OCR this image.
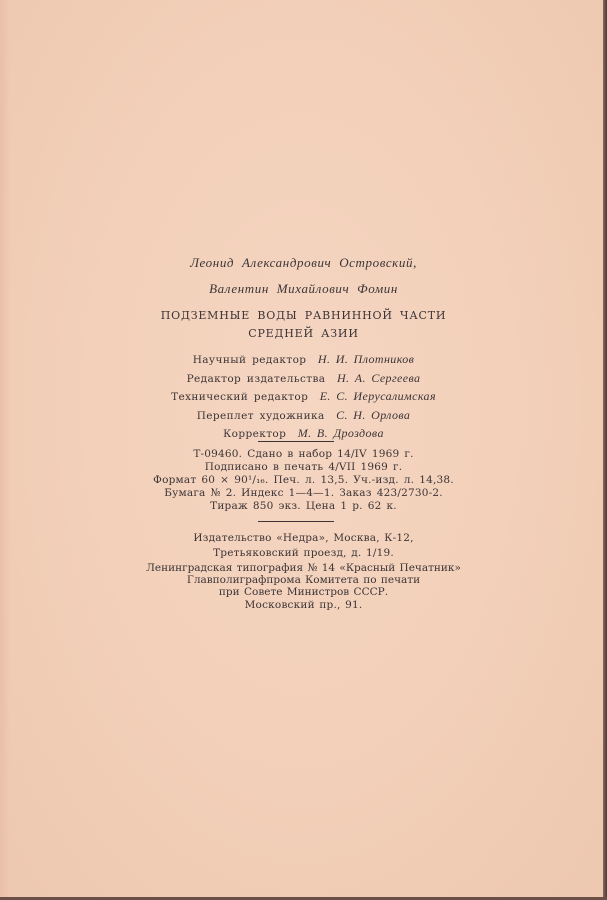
Леонид Александрович Островский,
Валентин Михайлович Фомин
ПОДЗЕМНЫЕ ВОДЫ РАВНИННОЙ ЧАСТИ
СРЕДНЕЙ АЗИИ
Научный редактор Н. И. Плотников
Редактор издательства Н. А. Сергеева
Технический редактор Е. С. Иерусалимская
Переплет художника С. Н. Орлова
Корректор М. В. Дроздова
Т-09460. Сдано в набор 14/IV 1969 г.
Подписано в печать 4/VII 1969 г.
Формат 60 × 90¹/₁₆. Печ. л. 13,5. Уч.-изд. л. 14,38.
Бумага № 2. Индекс 1—4—1. Заказ 423/2730-2.
Тираж 850 экз. Цена 1 р. 62 к.
Издательство «Недра», Москва, К-12,
Третьяковский проезд, д. 1/19.
Ленинградская типография № 14 «Красный Печатник»
Главполиграфпрома Комитета по печати
при Совете Министров СССР.
Московский пр., 91.
